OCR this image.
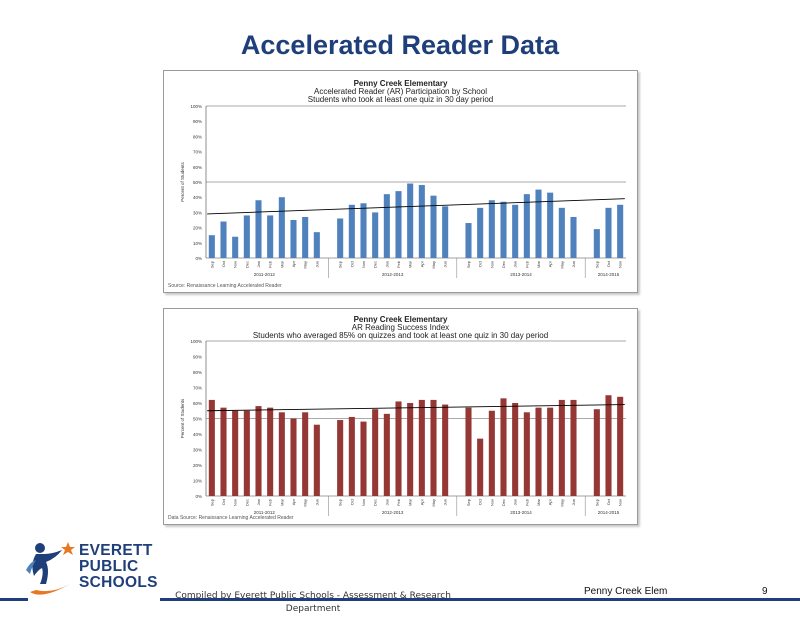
Accelerated Reader Data
Penny Creek Elementary
Accelerated Reader (AR) Participation by School
Students who took at least one quiz in 30 day period
0%
10%
20%
30%
40%
50%
60%
70%
80%
90%
100%
Percent of Students
Sep Oct Nov Dec Jan Feb Mar Apr May Jun
2011-2012
Sep Oct Nov Dec Jan Feb Mar Apr May Jun
2012-2013
Sep Oct Nov Dec Jan Feb Mar Apr May Jun
2013-2014
Sep Oct Nov
2014-2015
Source: Renaissance Learning Accelerated Reader
Penny Creek Elementary
AR Reading Success Index
Students who averaged 85% on quizzes and took at least one quiz in 30 day period
0%
10%
20%
30%
40%
50%
60%
70%
80%
90%
100%
Percent of Students
Sep Oct Nov Dec Jan Feb Mar Apr May Jun
2011-2012
Sep Oct Nov Dec Jan Feb Mar Apr May Jun
2012-2013
Sep Oct Nov Dec Jan Feb Mar Apr May Jun
2013-2014
Sep Oct Nov
2014-2015
Data Source: Renaissance Learning Accelerated Reader
EVERETT
PUBLIC
SCHOOLS
Compiled by Everett Public Schools - Assessment & Research Department
Penny Creek Elem	9
